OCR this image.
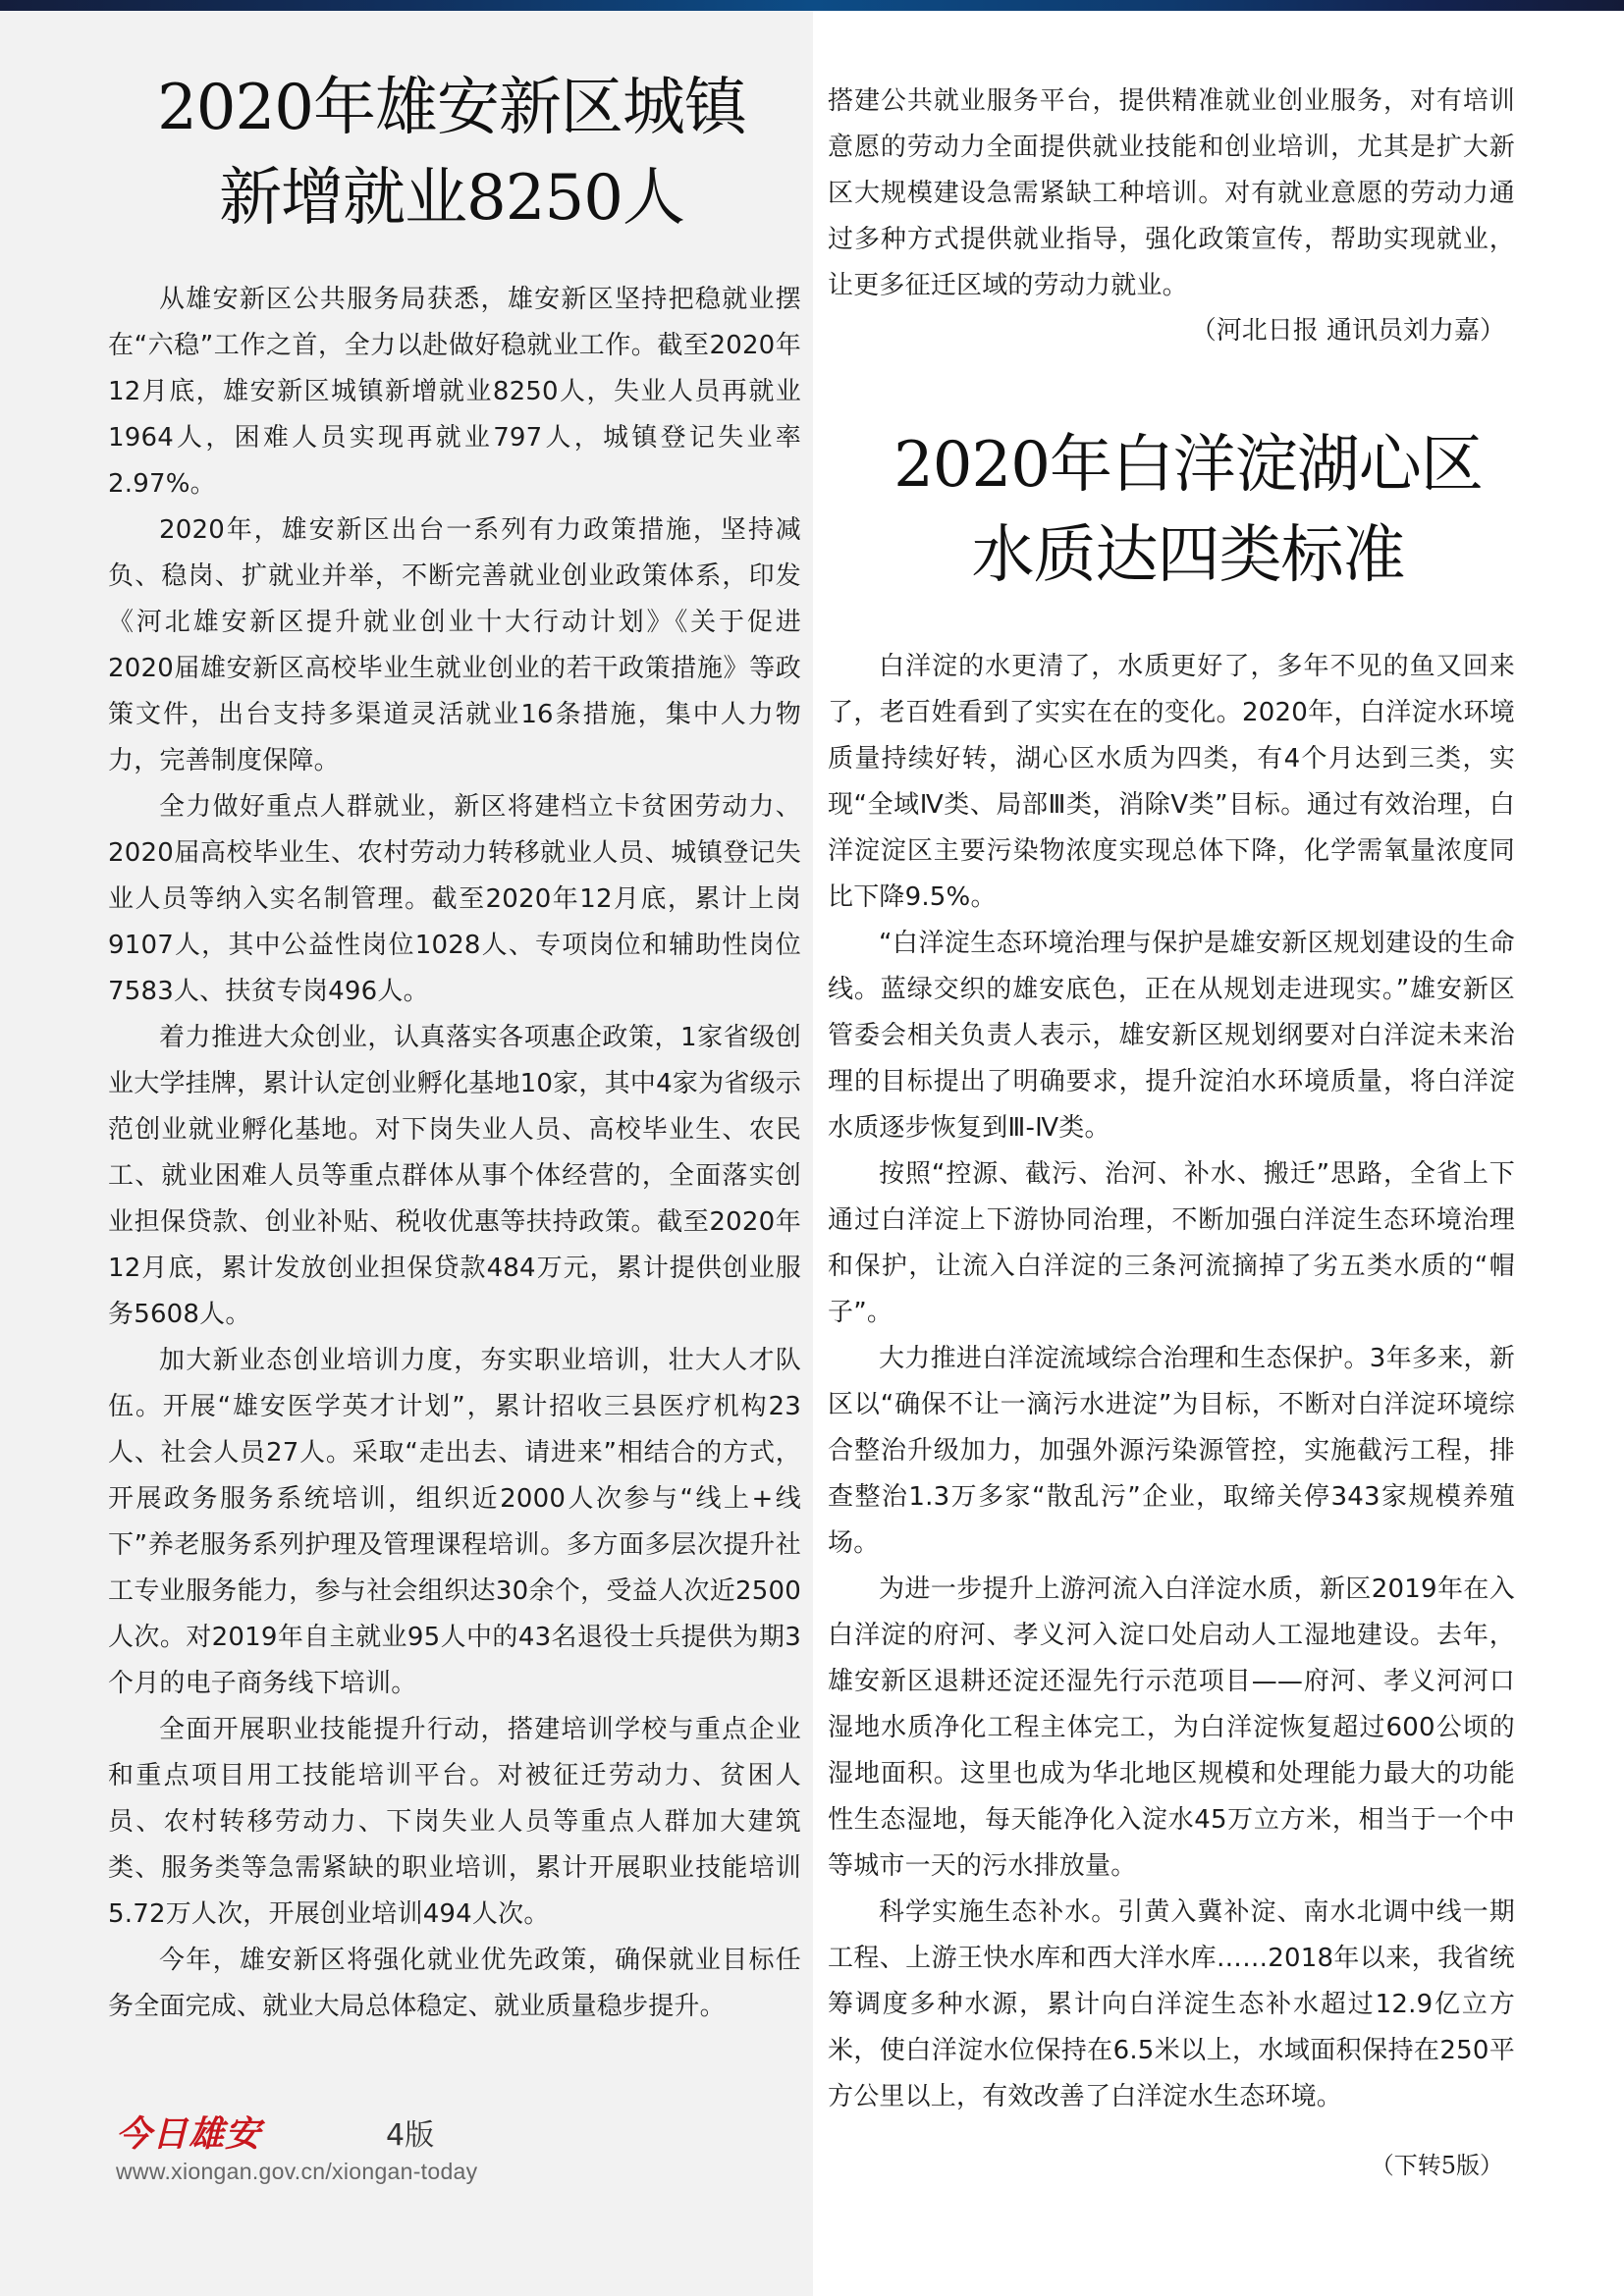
2020年雄安新区城镇
新增就业8250人

从雄安新区公共服务局获悉，雄安新区坚持把稳就业摆在“六稳”工作之首，全力以赴做好稳就业工作。截至2020年12月底，雄安新区城镇新增就业8250人，失业人员再就业1964人，困难人员实现再就业797人，城镇登记失业率2.97%。

2020年，雄安新区出台一系列有力政策措施，坚持减负、稳岗、扩就业并举，不断完善就业创业政策体系，印发《河北雄安新区提升就业创业十大行动计划》《关于促进2020届雄安新区高校毕业生就业创业的若干政策措施》等政策文件，出台支持多渠道灵活就业16条措施，集中人力物力，完善制度保障。

全力做好重点人群就业，新区将建档立卡贫困劳动力、2020届高校毕业生、农村劳动力转移就业人员、城镇登记失业人员等纳入实名制管理。截至2020年12月底，累计上岗9107人，其中公益性岗位1028人、专项岗位和辅助性岗位7583人、扶贫专岗496人。

着力推进大众创业，认真落实各项惠企政策，1家省级创业大学挂牌，累计认定创业孵化基地10家，其中4家为省级示范创业就业孵化基地。对下岗失业人员、高校毕业生、农民工、就业困难人员等重点群体从事个体经营的，全面落实创业担保贷款、创业补贴、税收优惠等扶持政策。截至2020年12月底，累计发放创业担保贷款484万元，累计提供创业服务5608人。

加大新业态创业培训力度，夯实职业培训，壮大人才队伍。开展“雄安医学英才计划”，累计招收三县医疗机构23人、社会人员27人。采取“走出去、请进来”相结合的方式，开展政务服务系统培训，组织近2000人次参与“线上+线下”养老服务系列护理及管理课程培训。多方面多层次提升社工专业服务能力，参与社会组织达30余个，受益人次近2500人次。对2019年自主就业95人中的43名退役士兵提供为期3个月的电子商务线下培训。

全面开展职业技能提升行动，搭建培训学校与重点企业和重点项目用工技能培训平台。对被征迁劳动力、贫困人员、农村转移劳动力、下岗失业人员等重点人群加大建筑类、服务类等急需紧缺的职业培训，累计开展职业技能培训5.72万人次，开展创业培训494人次。

今年，雄安新区将强化就业优先政策，确保就业目标任务全面完成、就业大局总体稳定、就业质量稳步提升。

搭建公共就业服务平台，提供精准就业创业服务，对有培训意愿的劳动力全面提供就业技能和创业培训，尤其是扩大新区大规模建设急需紧缺工种培训。对有就业意愿的劳动力通过多种方式提供就业指导，强化政策宣传，帮助实现就业，让更多征迁区域的劳动力就业。

（河北日报 通讯员刘力嘉）
2020年白洋淀湖心区
水质达四类标准

白洋淀的水更清了，水质更好了，多年不见的鱼又回来了，老百姓看到了实实在在的变化。2020年，白洋淀水环境质量持续好转，湖心区水质为四类，有4个月达到三类，实现“全域Ⅳ类、局部Ⅲ类，消除Ⅴ类”目标。通过有效治理，白洋淀淀区主要污染物浓度实现总体下降，化学需氧量浓度同比下降9.5%。

“白洋淀生态环境治理与保护是雄安新区规划建设的生命线。蓝绿交织的雄安底色，正在从规划走进现实。”雄安新区管委会相关负责人表示，雄安新区规划纲要对白洋淀未来治理的目标提出了明确要求，提升淀泊水环境质量，将白洋淀水质逐步恢复到Ⅲ-Ⅳ类。

按照“控源、截污、治河、补水、搬迁”思路，全省上下通过白洋淀上下游协同治理，不断加强白洋淀生态环境治理和保护，让流入白洋淀的三条河流摘掉了劣五类水质的“帽子”。

大力推进白洋淀流域综合治理和生态保护。3年多来，新区以“确保不让一滴污水进淀”为目标，不断对白洋淀环境综合整治升级加力，加强外源污染源管控，实施截污工程，排查整治1.3万多家“散乱污”企业，取缔关停343家规模养殖场。

为进一步提升上游河流入白洋淀水质，新区2019年在入白洋淀的府河、孝义河入淀口处启动人工湿地建设。去年，雄安新区退耕还淀还湿先行示范项目——府河、孝义河河口湿地水质净化工程主体完工，为白洋淀恢复超过600公顷的湿地面积。这里也成为华北地区规模和处理能力最大的功能性生态湿地，每天能净化入淀水45万立方米，相当于一个中等城市一天的污水排放量。

科学实施生态补水。引黄入冀补淀、南水北调中线一期工程、上游王快水库和西大洋水库……2018年以来，我省统筹调度多种水源，累计向白洋淀生态补水超过12.9亿立方米，使白洋淀水位保持在6.5米以上，水域面积保持在250平方公里以上，有效改善了白洋淀水生态环境。

（下转5版）
今日雄安	4版
www.xiongan.gov.cn/xiongan-today
